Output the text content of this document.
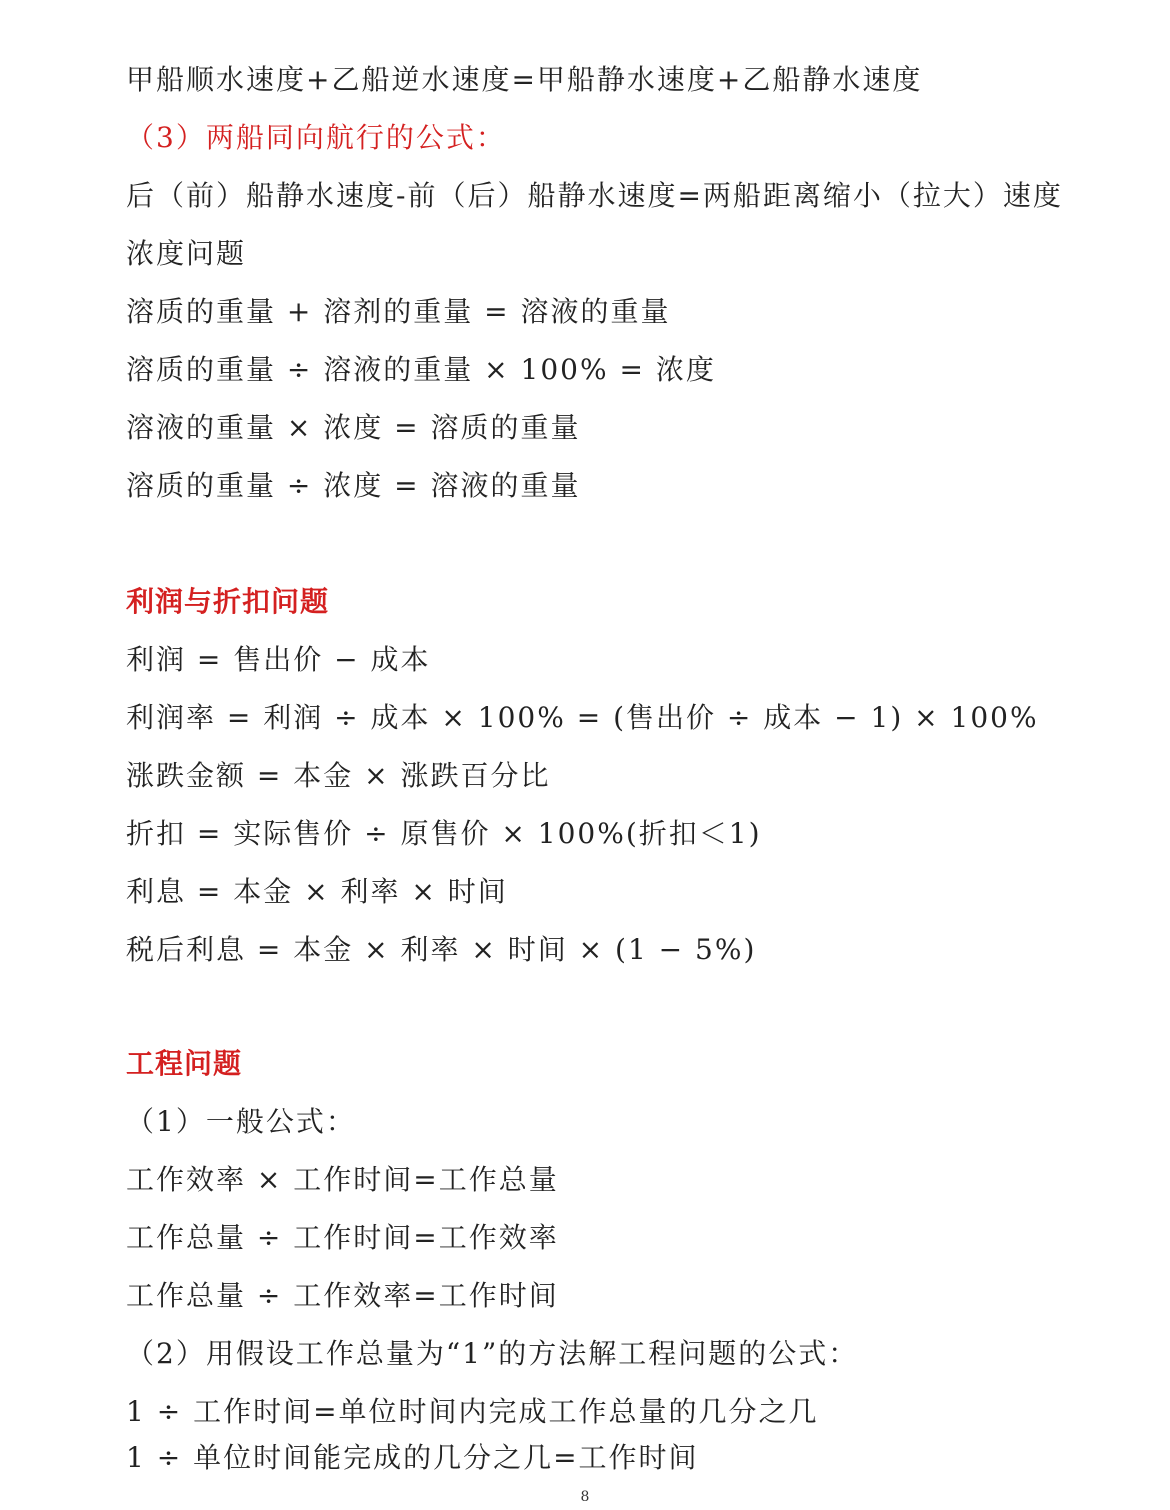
甲船顺水速度+乙船逆水速度=甲船静水速度+乙船静水速度
（3）两船同向航行的公式：
后（前）船静水速度-前（后）船静水速度=两船距离缩小（拉大）速度
浓度问题
溶质的重量 + 溶剂的重量 = 溶液的重量
溶质的重量 ÷ 溶液的重量 × 100% = 浓度
溶液的重量 × 浓度 = 溶质的重量
溶质的重量 ÷ 浓度 = 溶液的重量
利润与折扣问题
利润 = 售出价 − 成本
利润率 = 利润 ÷ 成本 × 100% = (售出价 ÷ 成本 − 1) × 100%
涨跌金额 = 本金 × 涨跌百分比
折扣 = 实际售价 ÷ 原售价 × 100%(折扣＜1)
利息 = 本金 × 利率 × 时间
税后利息 = 本金 × 利率 × 时间 × (1 − 5%)
工程问题
（1）一般公式：
工作效率 × 工作时间=工作总量
工作总量 ÷ 工作时间=工作效率
工作总量 ÷ 工作效率=工作时间
（2）用假设工作总量为“1”的方法解工程问题的公式：
1 ÷ 工作时间=单位时间内完成工作总量的几分之几
1 ÷ 单位时间能完成的几分之几=工作时间
8
